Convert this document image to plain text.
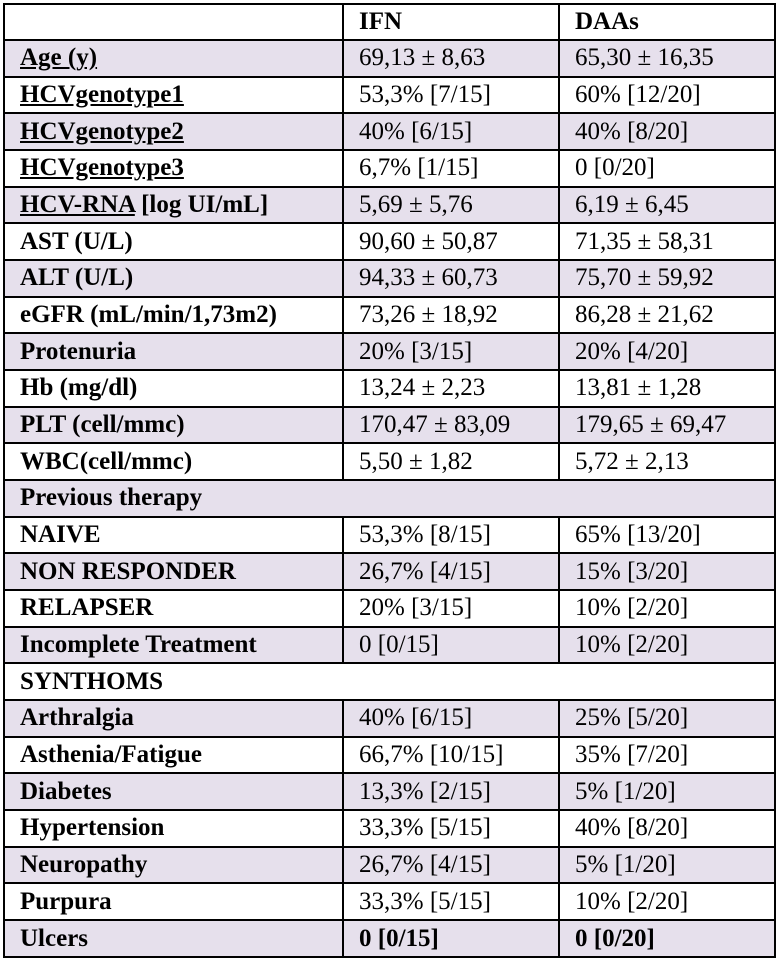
	IFN	DAAs
Age (y)	69,13 ± 8,63	65,30 ± 16,35
HCVgenotype1	53,3% [7/15]	60% [12/20]
HCVgenotype2	40% [6/15]	40% [8/20]
HCVgenotype3	6,7% [1/15]	0 [0/20]
HCV-RNA [log UI/mL]	5,69 ± 5,76	6,19 ± 6,45
AST (U/L)	90,60 ± 50,87	71,35 ± 58,31
ALT (U/L)	94,33 ± 60,73	75,70 ± 59,92
eGFR (mL/min/1,73m2)	73,26 ± 18,92	86,28 ± 21,62
Protenuria	20% [3/15]	20% [4/20]
Hb (mg/dl)	13,24 ± 2,23	13,81 ± 1,28
PLT (cell/mmc)	170,47 ± 83,09	179,65 ± 69,47
WBC(cell/mmc)	5,50 ± 1,82	5,72 ± 2,13
Previous therapy		
NAIVE	53,3% [8/15]	65% [13/20]
NON RESPONDER	26,7% [4/15]	15% [3/20]
RELAPSER	20% [3/15]	10% [2/20]
Incomplete Treatment	0 [0/15]	10% [2/20]
SYNTHOMS		
Arthralgia	40% [6/15]	25% [5/20]
Asthenia/Fatigue	66,7% [10/15]	35% [7/20]
Diabetes	13,3% [2/15]	5% [1/20]
Hypertension	33,3% [5/15]	40% [8/20]
Neuropathy	26,7% [4/15]	5% [1/20]
Purpura	33,3% [5/15]	10% [2/20]
Ulcers	0 [0/15]	0 [0/20]
